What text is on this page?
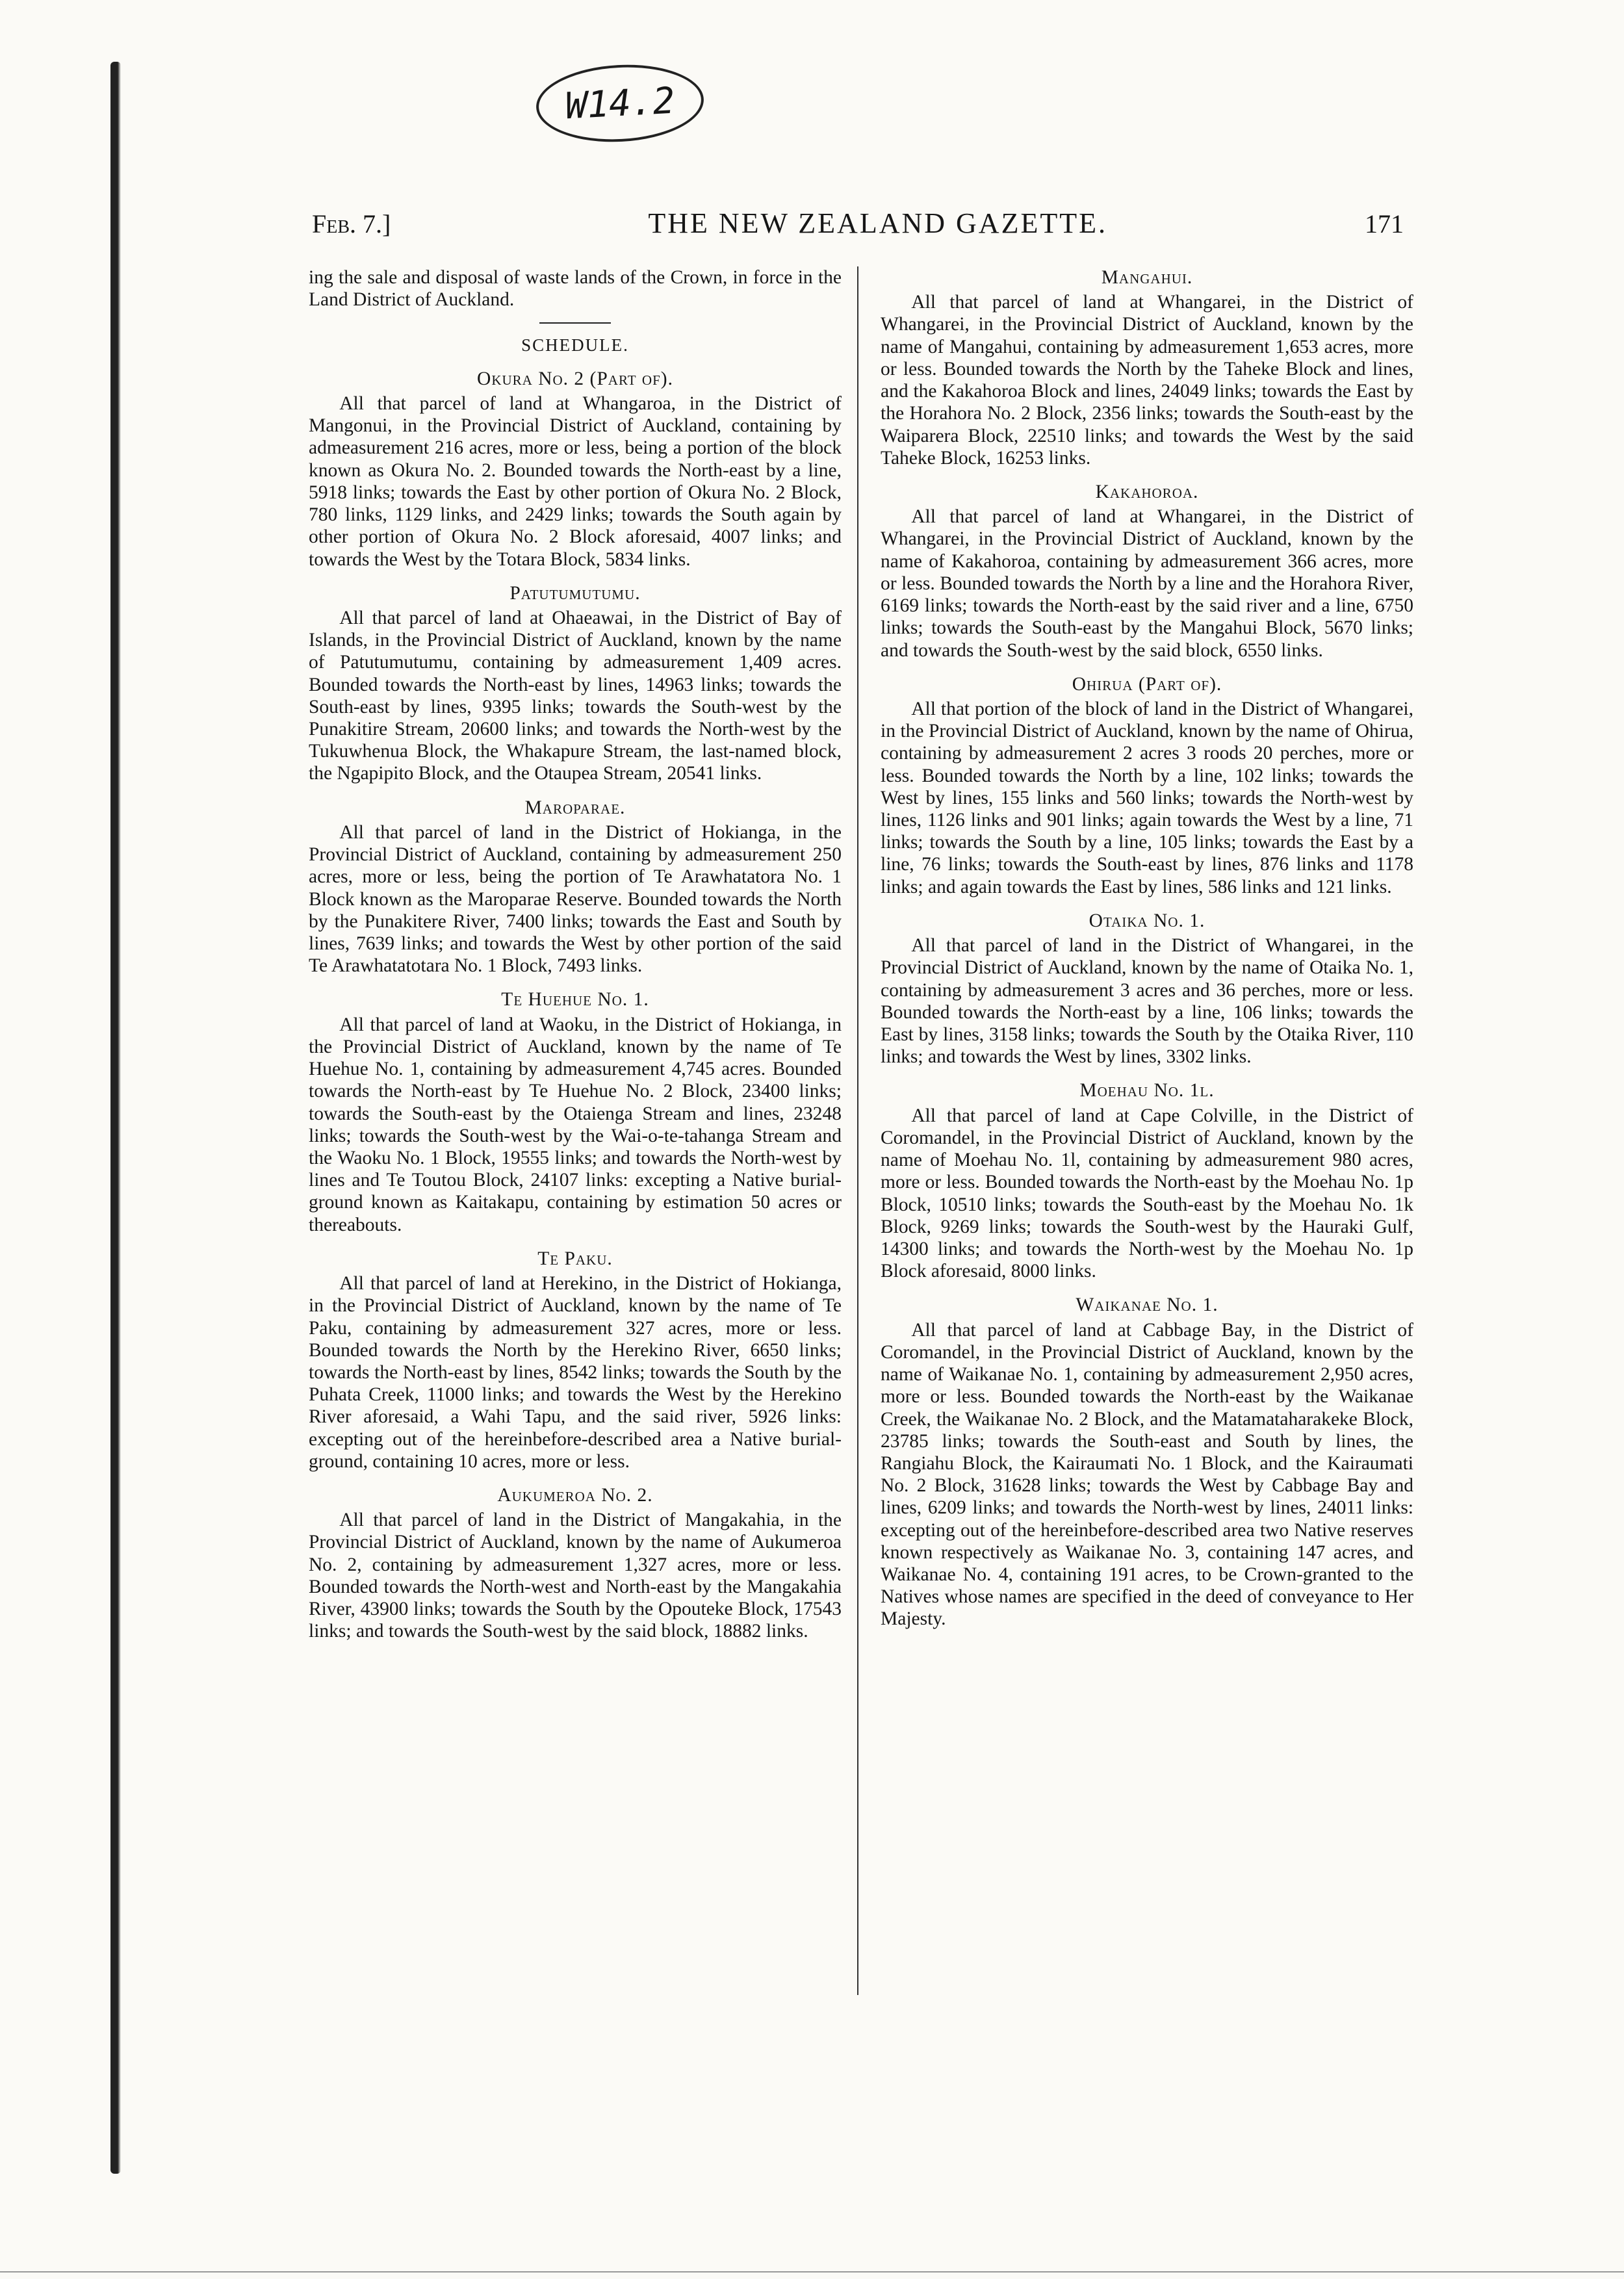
W14.2
Feb. 7.]	THE NEW ZEALAND GAZETTE.	171

ing the sale and disposal of waste lands of the Crown, in force in the Land District of Auckland.

SCHEDULE.

Okura No. 2 (Part of).

All that parcel of land at Whangaroa, in the District of Mangonui, in the Provincial District of Auckland, containing by admeasurement 216 acres, more or less, being a portion of the block known as Okura No. 2. Bounded towards the North-east by a line, 5918 links; towards the East by other portion of Okura No. 2 Block, 780 links, 1129 links, and 2429 links; towards the South again by other portion of Okura No. 2 Block aforesaid, 4007 links; and towards the West by the Totara Block, 5834 links.

Patutumutumu.

All that parcel of land at Ohaeawai, in the District of Bay of Islands, in the Provincial District of Auckland, known by the name of Patutumutumu, containing by admeasurement 1,409 acres. Bounded towards the North-east by lines, 14963 links; towards the South-east by lines, 9395 links; towards the South-west by the Punakitire Stream, 20600 links; and towards the North-west by the Tukuwhenua Block, the Whakapure Stream, the last-named block, the Ngapipito Block, and the Otaupea Stream, 20541 links.

Maroparae.

All that parcel of land in the District of Hokianga, in the Provincial District of Auckland, containing by admeasurement 250 acres, more or less, being the portion of Te Arawhatatora No. 1 Block known as the Maroparae Reserve. Bounded towards the North by the Punakitere River, 7400 links; towards the East and South by lines, 7639 links; and towards the West by other portion of the said Te Arawhatatotara No. 1 Block, 7493 links.

Te Huehue No. 1.

All that parcel of land at Waoku, in the District of Hokianga, in the Provincial District of Auckland, known by the name of Te Huehue No. 1, containing by admeasurement 4,745 acres. Bounded towards the North-east by Te Huehue No. 2 Block, 23400 links; towards the South-east by the Otaienga Stream and lines, 23248 links; towards the South-west by the Wai-o-te-tahanga Stream and the Waoku No. 1 Block, 19555 links; and towards the North-west by lines and Te Toutou Block, 24107 links: excepting a Native burial-ground known as Kaitakapu, containing by estimation 50 acres or thereabouts.

Te Paku.

All that parcel of land at Herekino, in the District of Hokianga, in the Provincial District of Auckland, known by the name of Te Paku, containing by admeasurement 327 acres, more or less. Bounded towards the North by the Herekino River, 6650 links; towards the North-east by lines, 8542 links; towards the South by the Puhata Creek, 11000 links; and towards the West by the Herekino River aforesaid, a Wahi Tapu, and the said river, 5926 links: excepting out of the hereinbefore-described area a Native burial-ground, containing 10 acres, more or less.

Aukumeroa No. 2.

All that parcel of land in the District of Mangakahia, in the Provincial District of Auckland, known by the name of Aukumeroa No. 2, containing by admeasurement 1,327 acres, more or less. Bounded towards the North-west and North-east by the Mangakahia River, 43900 links; towards the South by the Opouteke Block, 17543 links; and towards the South-west by the said block, 18882 links.

Mangahui.

All that parcel of land at Whangarei, in the District of Whangarei, in the Provincial District of Auckland, known by the name of Mangahui, containing by admeasurement 1,653 acres, more or less. Bounded towards the North by the Taheke Block and lines, and the Kakahoroa Block and lines, 24049 links; towards the East by the Horahora No. 2 Block, 2356 links; towards the South-east by the Waiparera Block, 22510 links; and towards the West by the said Taheke Block, 16253 links.

Kakahoroa.

All that parcel of land at Whangarei, in the District of Whangarei, in the Provincial District of Auckland, known by the name of Kakahoroa, containing by admeasurement 366 acres, more or less. Bounded towards the North by a line and the Horahora River, 6169 links; towards the North-east by the said river and a line, 6750 links; towards the South-east by the Mangahui Block, 5670 links; and towards the South-west by the said block, 6550 links.

Ohirua (Part of).

All that portion of the block of land in the District of Whangarei, in the Provincial District of Auckland, known by the name of Ohirua, containing by admeasurement 2 acres 3 roods 20 perches, more or less. Bounded towards the North by a line, 102 links; towards the West by lines, 155 links and 560 links; towards the North-west by lines, 1126 links and 901 links; again towards the West by a line, 71 links; towards the South by a line, 105 links; towards the East by a line, 76 links; towards the South-east by lines, 876 links and 1178 links; and again towards the East by lines, 586 links and 121 links.

Otaika No. 1.

All that parcel of land in the District of Whangarei, in the Provincial District of Auckland, known by the name of Otaika No. 1, containing by admeasurement 3 acres and 36 perches, more or less. Bounded towards the North-east by a line, 106 links; towards the East by lines, 3158 links; towards the South by the Otaika River, 110 links; and towards the West by lines, 3302 links.

Moehau No. 1l.

All that parcel of land at Cape Colville, in the District of Coromandel, in the Provincial District of Auckland, known by the name of Moehau No. 1l, containing by admeasurement 980 acres, more or less. Bounded towards the North-east by the Moehau No. 1p Block, 10510 links; towards the South-east by the Moehau No. 1k Block, 9269 links; towards the South-west by the Hauraki Gulf, 14300 links; and towards the North-west by the Moehau No. 1p Block aforesaid, 8000 links.

Waikanae No. 1.

All that parcel of land at Cabbage Bay, in the District of Coromandel, in the Provincial District of Auckland, known by the name of Waikanae No. 1, containing by admeasurement 2,950 acres, more or less. Bounded towards the North-east by the Waikanae Creek, the Waikanae No. 2 Block, and the Matamataharakeke Block, 23785 links; towards the South-east and South by lines, the Rangiahu Block, the Kairaumati No. 1 Block, and the Kairaumati No. 2 Block, 31628 links; towards the West by Cabbage Bay and lines, 6209 links; and towards the North-west by lines, 24011 links: excepting out of the hereinbefore-described area two Native reserves known respectively as Waikanae No. 3, containing 147 acres, and Waikanae No. 4, containing 191 acres, to be Crown-granted to the Natives whose names are specified in the deed of conveyance to Her Majesty.
